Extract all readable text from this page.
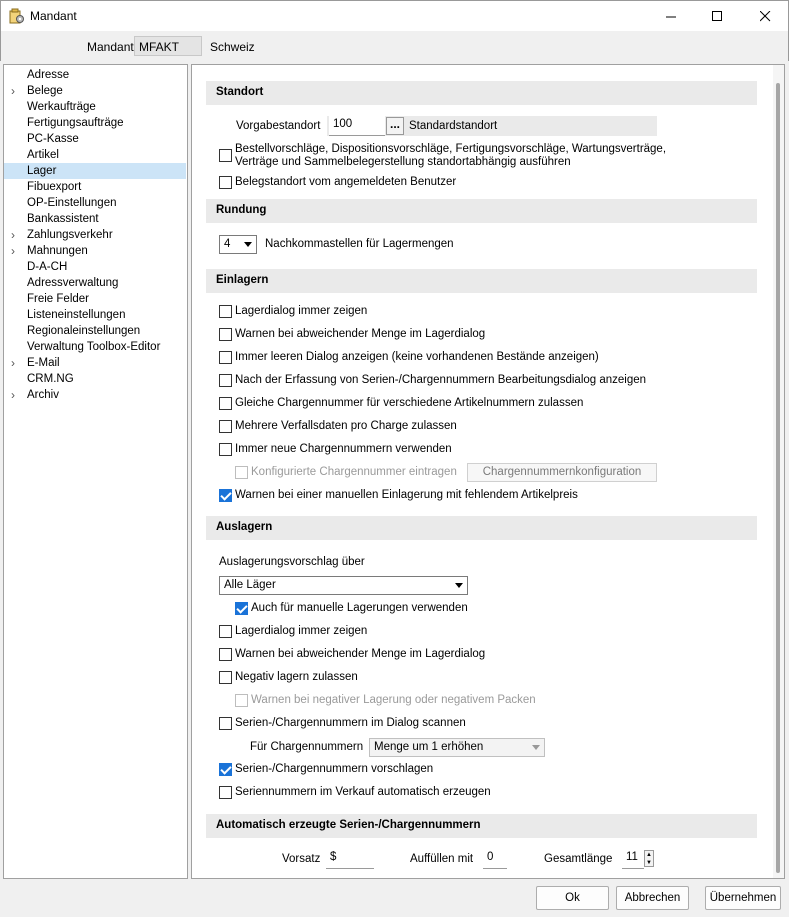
Mandant
Mandant MFAKT	Schweiz
Adresse
› Belege
Werkaufträge
Fertigungsaufträge
PC-Kasse
Artikel
Lager
Fibuexport
OP-Einstellungen
Bankassistent
› Zahlungsverkehr
› Mahnungen
D-A-CH
Adressverwaltung
Freie Felder
Listeneinstellungen
Regionaleinstellungen
Verwaltung Toolbox-Editor
› E-Mail
CRM.NG
› Archiv
Standort
Vorgabestandort	100	... Standardstandort
Bestellvorschläge, Dispositionsvorschläge, Fertigungsvorschläge, Wartungsverträge,
Verträge und Sammelbelegerstellung standortabhängig ausführen
Belegstandort vom angemeldeten Benutzer
Rundung
4	Nachkommastellen für Lagermengen
Einlagern
Lagerdialog immer zeigen
Warnen bei abweichender Menge im Lagerdialog
Immer leeren Dialog anzeigen (keine vorhandenen Bestände anzeigen)
Nach der Erfassung von Serien-/Chargennummern Bearbeitungsdialog anzeigen
Gleiche Chargennummer für verschiedene Artikelnummern zulassen
Mehrere Verfallsdaten pro Charge zulassen
Immer neue Chargennummern verwenden
Konfigurierte Chargennummer eintragen	Chargennummernkonfiguration
Warnen bei einer manuellen Einlagerung mit fehlendem Artikelpreis
Auslagern
Auslagerungsvorschlag über
Alle Läger
Auch für manuelle Lagerungen verwenden
Lagerdialog immer zeigen
Warnen bei abweichender Menge im Lagerdialog
Negativ lagern zulassen
Warnen bei negativer Lagerung oder negativem Packen
Serien-/Chargennummern im Dialog scannen
Für Chargennummern Menge um 1 erhöhen
Serien-/Chargennummern vorschlagen
Seriennummern im Verkauf automatisch erzeugen
Automatisch erzeugte Serien-/Chargennummern
Vorsatz $	Auffüllen mit	0	Gesamtlänge	11	▲
▼
Ok	Abbrechen	Übernehmen
